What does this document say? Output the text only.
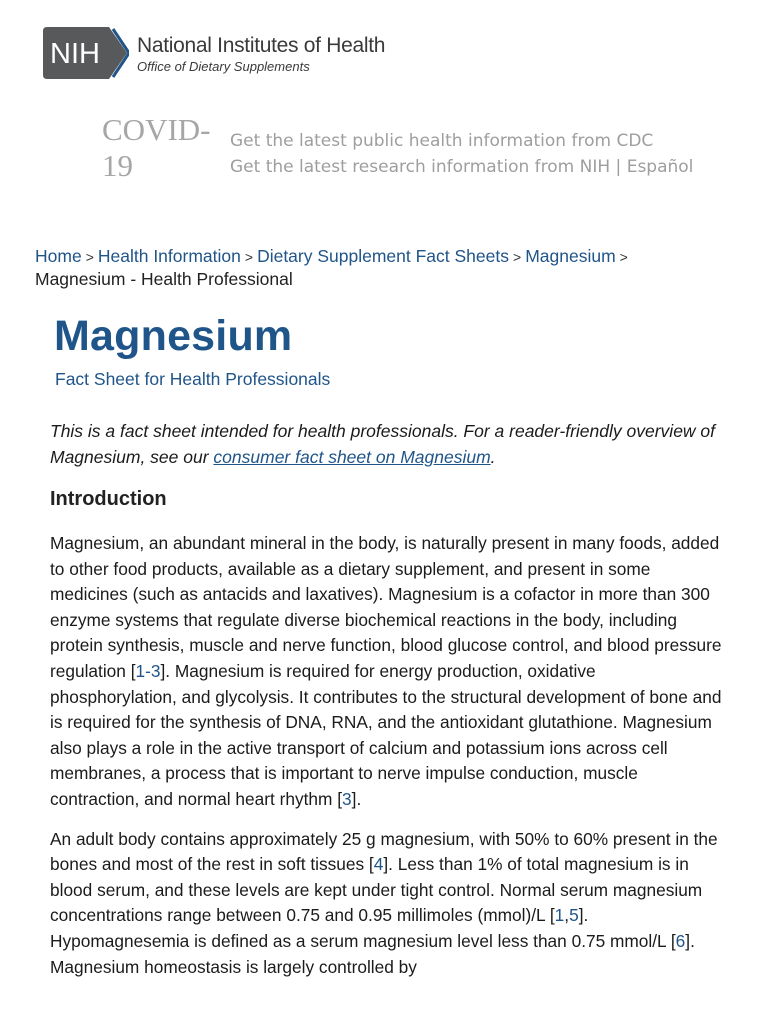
NIH National Institutes of Health
Office of Dietary Supplements
COVID-
19
Get the latest public health information from CDC
Get the latest research information from NIH | Español
Home > Health Information > Dietary Supplement Fact Sheets > Magnesium >
Magnesium - Health Professional
Magnesium
Fact Sheet for Health Professionals

This is a fact sheet intended for health professionals. For a reader-friendly overview of Magnesium, see our consumer fact sheet on Magnesium.

Introduction

Magnesium, an abundant mineral in the body, is naturally present in many foods, added to other food products, available as a dietary supplement, and present in some medicines (such as antacids and laxatives). Magnesium is a cofactor in more than 300 enzyme systems that regulate diverse biochemical reactions in the body, including protein synthesis, muscle and nerve function, blood glucose control, and blood pressure regulation [1-3]. Magnesium is required for energy production, oxidative phosphorylation, and glycolysis. It contributes to the structural development of bone and is required for the synthesis of DNA, RNA, and the antioxidant glutathione. Magnesium also plays a role in the active transport of calcium and potassium ions across cell membranes, a process that is important to nerve impulse conduction, muscle contraction, and normal heart rhythm [3].

An adult body contains approximately 25 g magnesium, with 50% to 60% present in the bones and most of the rest in soft tissues [4]. Less than 1% of total magnesium is in blood serum, and these levels are kept under tight control. Normal serum magnesium concentrations range between 0.75 and 0.95 millimoles (mmol)/L [1,5]. Hypomagnesemia is defined as a serum magnesium level less than 0.75 mmol/L [6]. Magnesium homeostasis is largely controlled by
